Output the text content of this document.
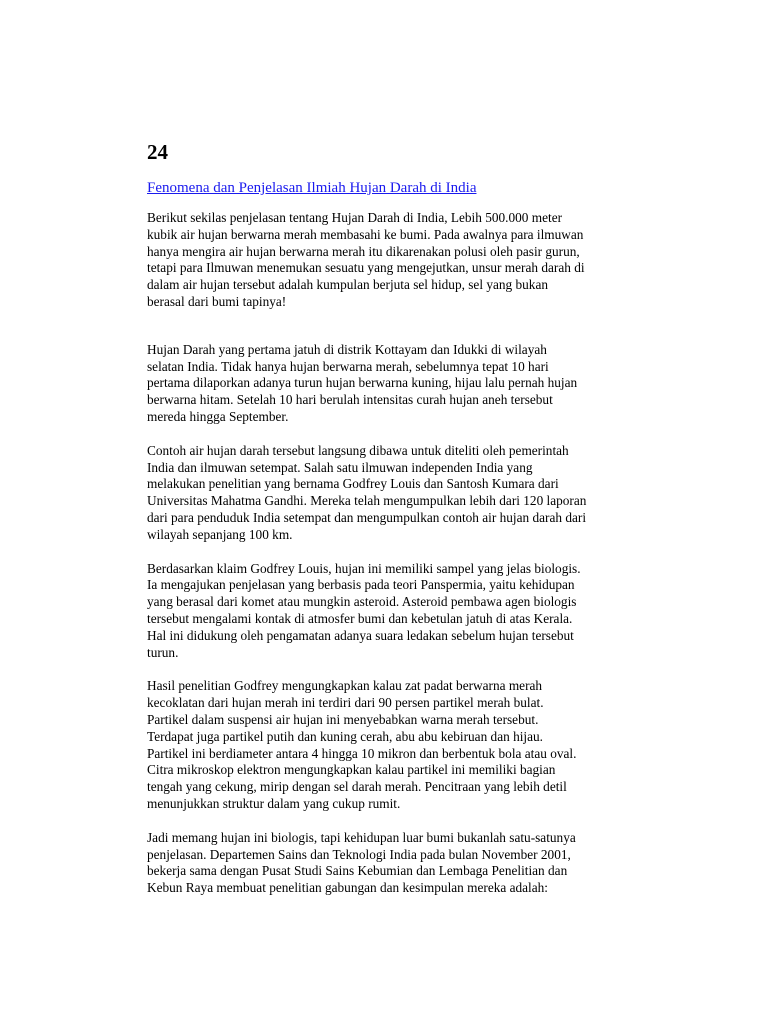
24
Fenomena dan Penjelasan Ilmiah Hujan Darah di India

Berikut sekilas penjelasan tentang Hujan Darah di India, Lebih 500.000 meter
kubik air hujan berwarna merah membasahi ke bumi. Pada awalnya para ilmuwan
hanya mengira air hujan berwarna merah itu dikarenakan polusi oleh pasir gurun,
tetapi para Ilmuwan menemukan sesuatu yang mengejutkan, unsur merah darah di
dalam air hujan tersebut adalah kumpulan berjuta sel hidup, sel yang bukan
berasal dari bumi tapinya!

Hujan Darah yang pertama jatuh di distrik Kottayam dan Idukki di wilayah
selatan India. Tidak hanya hujan berwarna merah, sebelumnya tepat 10 hari
pertama dilaporkan adanya turun hujan berwarna kuning, hijau lalu pernah hujan
berwarna hitam. Setelah 10 hari berulah intensitas curah hujan aneh tersebut
mereda hingga September.

Contoh air hujan darah tersebut langsung dibawa untuk diteliti oleh pemerintah
India dan ilmuwan setempat. Salah satu ilmuwan independen India yang
melakukan penelitian yang bernama Godfrey Louis dan Santosh Kumara dari
Universitas Mahatma Gandhi. Mereka telah mengumpulkan lebih dari 120 laporan
dari para penduduk India setempat dan mengumpulkan contoh air hujan darah dari
wilayah sepanjang 100 km.

Berdasarkan klaim Godfrey Louis, hujan ini memiliki sampel yang jelas biologis.
Ia mengajukan penjelasan yang berbasis pada teori Panspermia, yaitu kehidupan
yang berasal dari komet atau mungkin asteroid. Asteroid pembawa agen biologis
tersebut mengalami kontak di atmosfer bumi dan kebetulan jatuh di atas Kerala.
Hal ini didukung oleh pengamatan adanya suara ledakan sebelum hujan tersebut
turun.

Hasil penelitian Godfrey mengungkapkan kalau zat padat berwarna merah
kecoklatan dari hujan merah ini terdiri dari 90 persen partikel merah bulat.
Partikel dalam suspensi air hujan ini menyebabkan warna merah tersebut.
Terdapat juga partikel putih dan kuning cerah, abu abu kebiruan dan hijau.
Partikel ini berdiameter antara 4 hingga 10 mikron dan berbentuk bola atau oval.
Citra mikroskop elektron mengungkapkan kalau partikel ini memiliki bagian
tengah yang cekung, mirip dengan sel darah merah. Pencitraan yang lebih detil
menunjukkan struktur dalam yang cukup rumit.

Jadi memang hujan ini biologis, tapi kehidupan luar bumi bukanlah satu-satunya
penjelasan. Departemen Sains dan Teknologi India pada bulan November 2001,
bekerja sama dengan Pusat Studi Sains Kebumian dan Lembaga Penelitian dan
Kebun Raya membuat penelitian gabungan dan kesimpulan mereka adalah:
